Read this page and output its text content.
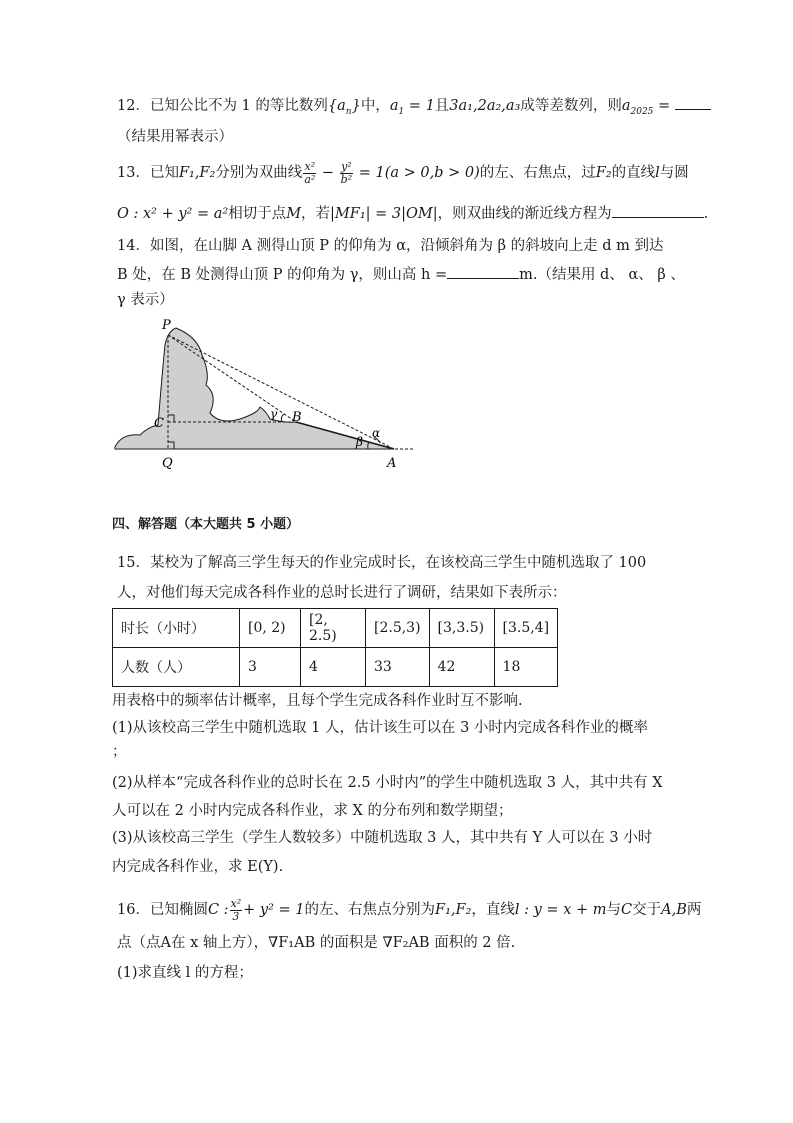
12．已知公比不为 1 的等比数列$\{a_n\}$中，$a_1 = 1$且3a₁,2a₂,a₃成等差数列，则$a_{2025}$ =
（结果用幂表示）
13．已知F₁,F₂分别为双曲线 $\frac{\text{x²}}{\text{a²}} - \frac{\text{y²}}{\text{b²}} = 1(a > 0,b > 0)$的左、右焦点，过F₂的直线l与圆
O : x² + y² = a²相切于点M，若|MF₁| = 3|OM|，则双曲线的渐近线方程为	.
14．如图，在山脚 A 测得山顶 P 的仰角为 α，沿倾斜角为 β 的斜坡向上走 d m 到达
B 处，在 B 处测得山顶 P 的仰角为 γ，则山高 h =	m.（结果用 d、 α、 β 、
γ 表示）
P
C
Q
B
A
α
β
γ
四、解答题（本大题共 5 小题）
15．某校为了解高三学生每天的作业完成时长，在该校高三学生中随机选取了 100
人，对他们每天完成各科作业的总时长进行了调研，结果如下表所示：
时长（小时）	[0, 2)	[2, 2.5)	[2.5,3)	[3,3.5)	[3.5,4]
人数（人）	3	4	33	42	18
用表格中的频率估计概率，且每个学生完成各科作业时互不影响.
(1)从该校高三学生中随机选取 1 人，估计该生可以在 3 小时内完成各科作业的概率
；
(2)从样本“完成各科作业的总时长在 2.5 小时内”的学生中随机选取 3 人，其中共有 X
人可以在 2 小时内完成各科作业，求 X 的分布列和数学期望；
(3)从该校高三学生（学生人数较多）中随机选取 3 人，其中共有 Y 人可以在 3 小时
内完成各科作业，求 E(Y).
16．已知椭圆C : $\frac{\text{x²}}{3} + y^2 = 1$的左、右焦点分别为F₁,F₂，直线l : y = x + m与C交于A,B两
点（点A在 x 轴上方），∇F₁AB 的面积是 ∇F₂AB 面积的 2 倍.
(1)求直线 l 的方程；
